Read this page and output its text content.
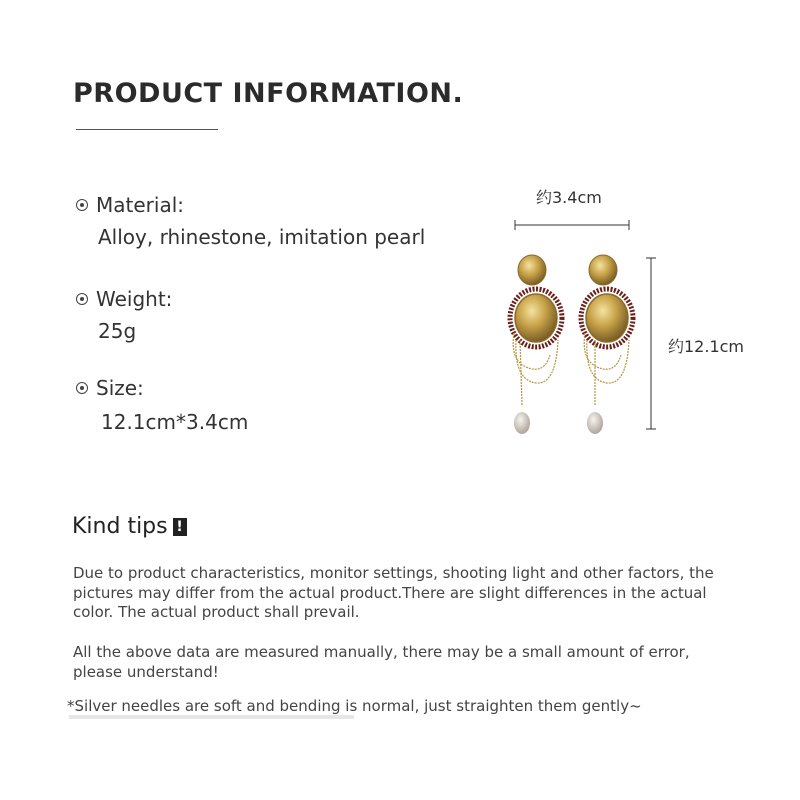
PRODUCT INFORMATION.
Material:
Alloy, rhinestone, imitation pearl
Weight:
25g
Size:
12.1cm*3.4cm
约3.4cm
约12.1cm
Kind tips !

Due to product characteristics, monitor settings, shooting light and other factors, the pictures may differ from the actual product.There are slight differences in the actual color. The actual product shall prevail.

All the above data are measured manually, there may be a small amount of error, please understand!

*Silver needles are soft and bending is normal, just straighten them gently~
